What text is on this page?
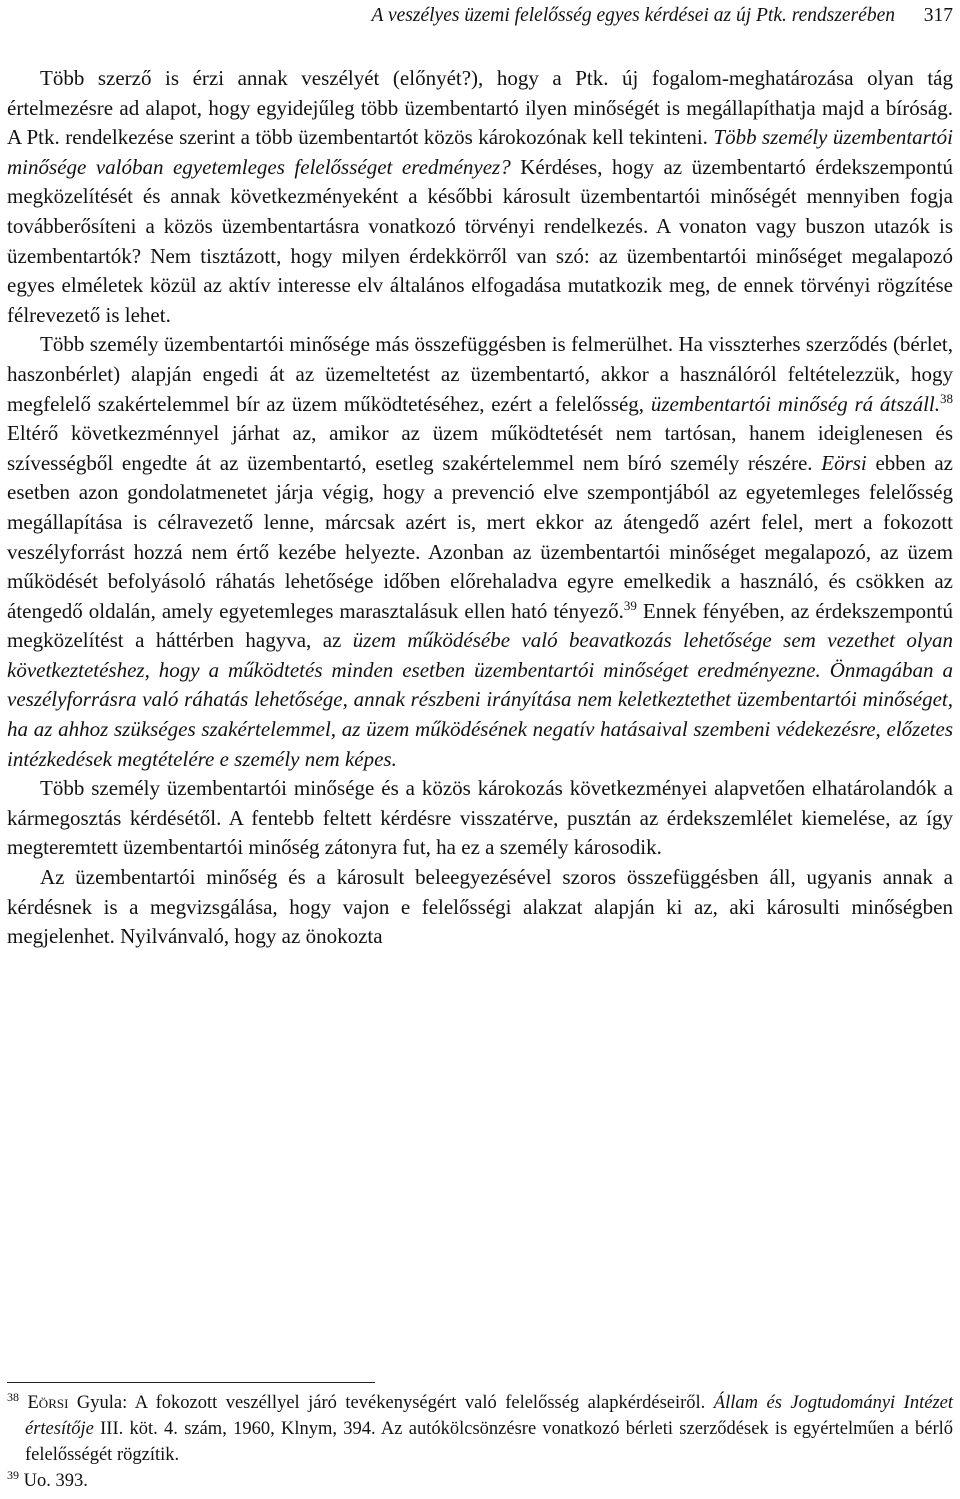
A veszélyes üzemi felelősség egyes kérdései az új Ptk. rendszerében 317

Több szerző is érzi annak veszélyét (előnyét?), hogy a Ptk. új fogalom-meghatározása olyan tág értelmezésre ad alapot, hogy egyidejűleg több üzembentartó ilyen minőségét is megállapíthatja majd a bíróság. A Ptk. rendelkezése szerint a több üzembentartót közös károkozónak kell tekinteni. Több személy üzembentartói minősége valóban egyetemleges felelősséget eredményez? Kérdéses, hogy az üzembentartó érdekszempontú megközelítését és annak következményeként a későbbi károsult üzembentartói minőségét mennyiben fogja továbberősíteni a közös üzembentartásra vonatkozó törvényi rendelkezés. A vonaton vagy buszon utazók is üzembentartók? Nem tisztázott, hogy milyen érdekkörről van szó: az üzembentartói minőséget megalapozó egyes elméletek közül az aktív interesse elv általános elfogadása mutatkozik meg, de ennek törvényi rögzítése félrevezető is lehet.

Több személy üzembentartói minősége más összefüggésben is felmerülhet. Ha visszterhes szerződés (bérlet, haszonbérlet) alapján engedi át az üzemeltetést az üzembentartó, akkor a használóról feltételezzük, hogy megfelelő szakértelemmel bír az üzem működtetéséhez, ezért a felelősség, üzembentartói minőség rá átszáll.$^{38}$ Eltérő következménnyel járhat az, amikor az üzem működtetését nem tartósan, hanem ideiglenesen és szívességből engedte át az üzembentartó, esetleg szakértelemmel nem bíró személy részére. Eörsi ebben az esetben azon gondolatmenetet járja végig, hogy a prevenció elve szempontjából az egyetemleges felelősség megállapítása is célravezető lenne, márcsak azért is, mert ekkor az átengedő azért felel, mert a fokozott veszélyforrást hozzá nem értő kezébe helyezte. Azonban az üzembentartói minőséget megalapozó, az üzem működését befolyásoló ráhatás lehetősége időben előrehaladva egyre emelkedik a használó, és csökken az átengedő oldalán, amely egyetemleges marasztalásuk ellen ható tényező.$^{39}$ Ennek fényében, az érdekszempontú megközelítést a háttérben hagyva, az üzem működésébe való beavatkozás lehetősége sem vezethet olyan következtetéshez, hogy a működtetés minden esetben üzembentartói minőséget eredményezne. Önmagában a veszélyforrásra való ráhatás lehetősége, annak részbeni irányítása nem keletkeztethet üzembentartói minőséget, ha az ahhoz szükséges szakértelemmel, az üzem működésének negatív hatásaival szembeni védekezésre, előzetes intézkedések megtételére e személy nem képes.

Több személy üzembentartói minősége és a közös károkozás következményei alapvetően elhatárolandók a kármegosztás kérdésétől. A fentebb feltett kérdésre visszatérve, pusztán az érdekszemlélet kiemelése, az így megteremtett üzembentartói minőség zátonyra fut, ha ez a személy károsodik.

Az üzembentartói minőség és a károsult beleegyezésével szoros összefüggésben áll, ugyanis annak a kérdésnek is a megvizsgálása, hogy vajon e felelősségi alakzat alapján ki az, aki károsulti minőségben megjelenhet. Nyilvánvaló, hogy az önokozta

$^{38}$ Eörsi Gyula: A fokozott veszéllyel járó tevékenységért való felelősség alapkérdéseiről. Állam és Jogtudományi Intézet értesítője III. köt. 4. szám, 1960, Klnym, 394. Az autókölcsönzésre vonatkozó bérleti szerződések is egyértelműen a bérlő felelősségét rögzítik.

$^{39}$ Uo. 393.
